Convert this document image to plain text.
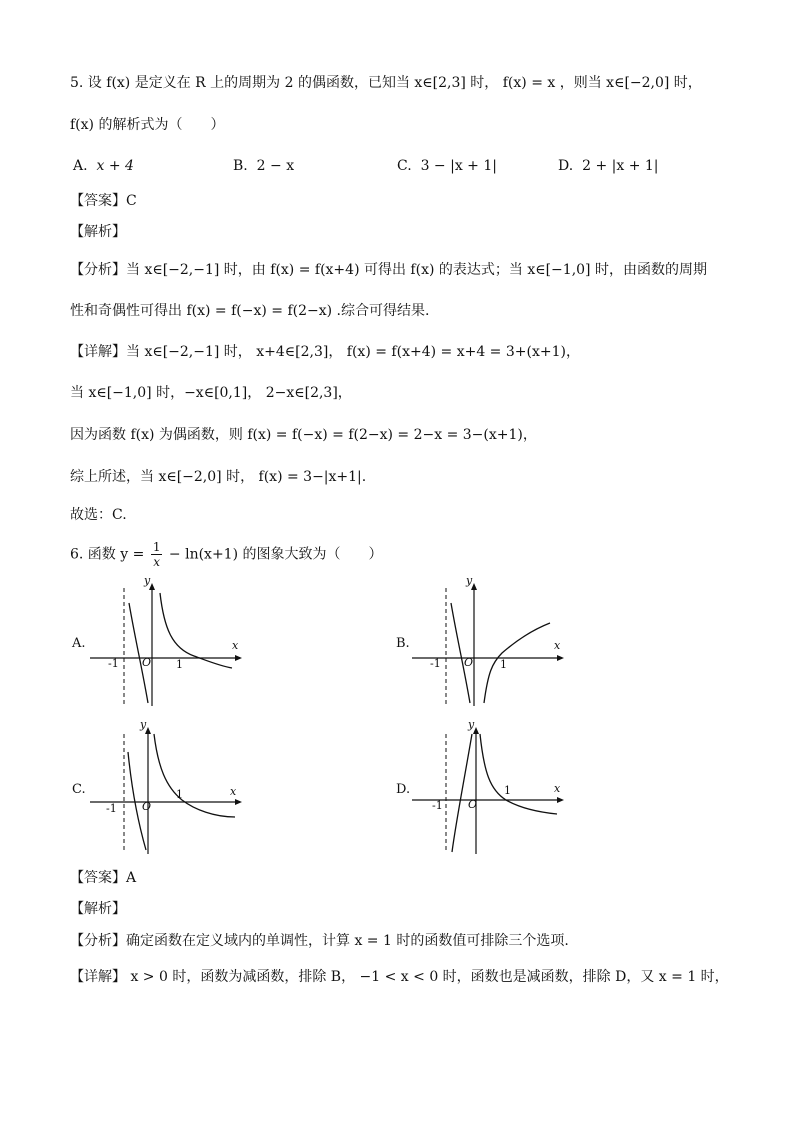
5. 设 f(x) 是定义在 R 上的周期为 2 的偶函数，已知当 x∈[2,3] 时， f(x) = x ，则当 x∈[−2,0] 时，
f(x) 的解析式为（　　）
A. x + 4	B. 2 − x	C. 3 − |x + 1|	D. 2 + |x + 1|
【答案】C
【解析】
【分析】当 x∈[−2,−1] 时，由 f(x) = f(x+4) 可得出 f(x) 的表达式；当 x∈[−1,0] 时，由函数的周期
性和奇偶性可得出 f(x) = f(−x) = f(2−x) .综合可得结果.
【详解】当 x∈[−2,−1] 时， x+4∈[2,3]， f(x) = f(x+4) = x+4 = 3+(x+1)，
当 x∈[−1,0] 时，−x∈[0,1]， 2−x∈[2,3]，
因为函数 f(x) 为偶函数，则 f(x) = f(−x) = f(2−x) = 2−x = 3−(x+1)，
综上所述，当 x∈[−2,0] 时， f(x) = 3−|x+1|.
故选：C.
6. 函数 $y = \frac{1}{x} - \ln(x+1)$ 的图象大致为（　　）
A.	x
y
O
-1	1
B.	x
y
O
-1	1
C.	x
y
O
-1
1	D.	x
y
O
-1
1
【答案】A
【解析】
【分析】确定函数在定义域内的单调性，计算 x = 1 时的函数值可排除三个选项.
【详解】 x > 0 时，函数为减函数，排除 B， −1 < x < 0 时，函数也是减函数，排除 D，又 x = 1 时，
